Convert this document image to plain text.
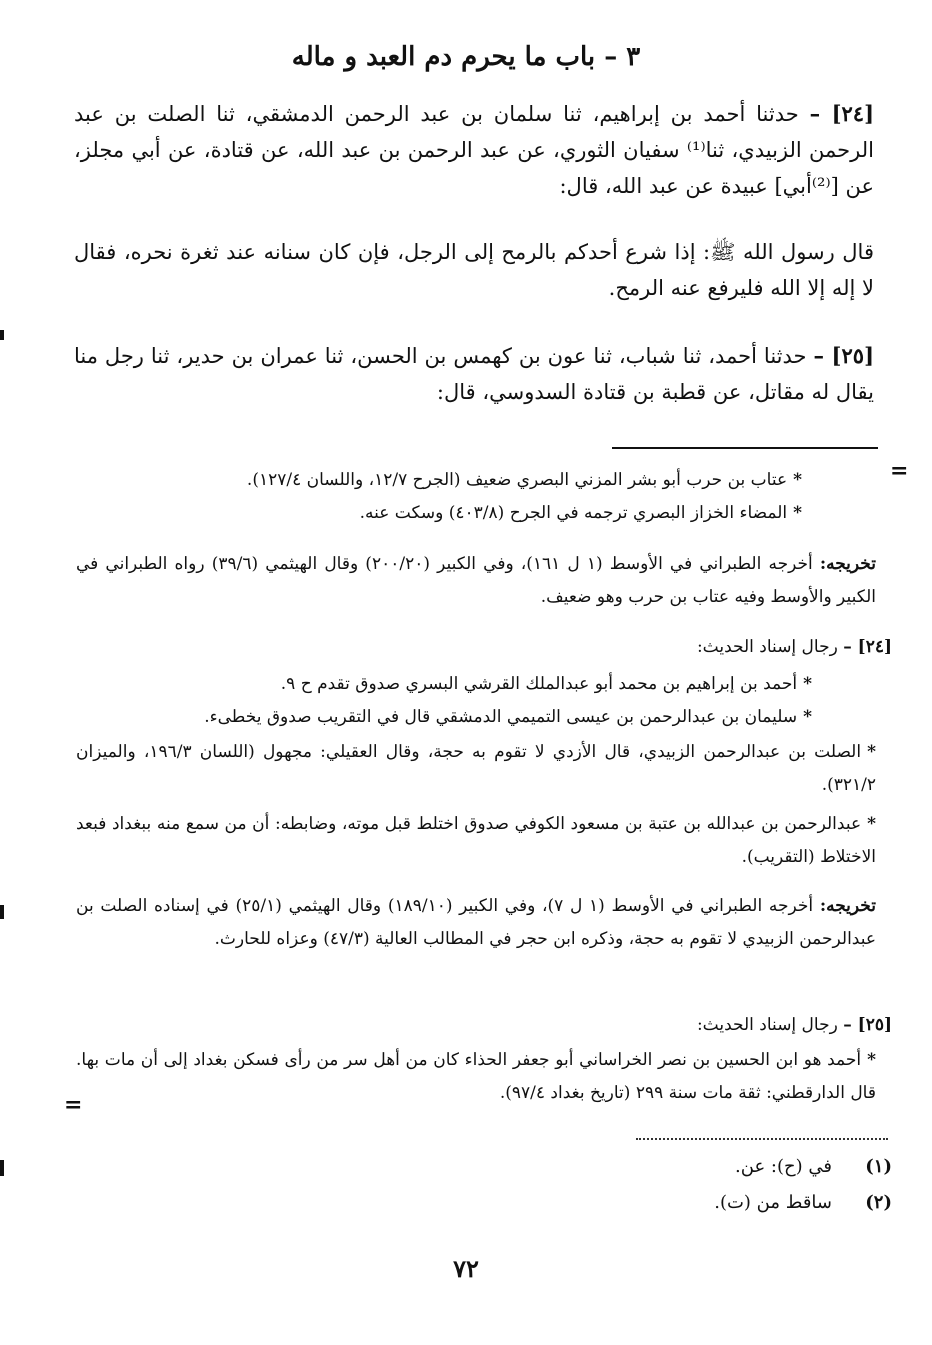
٣ – باب ما يحرم دم العبد و ماله

[٢٤] – حدثنا أحمد بن إبراهيم، ثنا سلمان بن عبد الرحمن الدمشقي، ثنا الصلت بن عبد الرحمن الزبيدي، ثنا⁽¹⁾ سفيان الثوري، عن عبد الرحمن بن عبد الله، عن قتادة، عن أبي مجلز، عن [⁽²⁾أبي] عبيدة عن عبد الله، قال:

قال رسول الله ﷺ: إذا شرع أحدكم بالرمح إلى الرجل، فإن كان سنانه عند ثغرة نحره، فقال لا إله إلا الله فليرفع عنه الرمح.

[٢٥] – حدثنا أحمد، ثنا شباب، ثنا عون بن كهمس بن الحسن، ثنا عمران بن حدير، ثنا رجل منا يقال له مقاتل، عن قطبة بن قتادة السدوسي، قال:

=

*عتاب بن حرب أبو بشر المزني البصري ضعيف (الجرح ١٢/٧، واللسان ١٢٧/٤).

*المضاء الخزاز البصري ترجمه في الجرح (٤٠٣/٨) وسكت عنه.

تخريجه: أخرجه الطبراني في الأوسط (١ ل ١٦١)، وفي الكبير (٢٠٠/٢٠) وقال الهيثمي (٣٩/٦) رواه الطبراني في الكبير والأوسط وفيه عتاب بن حرب وهو ضعيف.

[٢٤] – رجال إسناد الحديث:

*أحمد بن إبراهيم بن محمد أبو عبدالملك القرشي البسري صدوق تقدم ح ٩.

*سليمان بن عبدالرحمن بن عيسى التميمي الدمشقي قال في التقريب صدوق يخطىء.

*الصلت بن عبدالرحمن الزبيدي، قال الأزدي لا تقوم به حجة، وقال العقيلي: مجهول (اللسان ١٩٦/٣، والميزان ٣٢١/٢).

*عبدالرحمن بن عبدالله بن عتبة بن مسعود الكوفي صدوق اختلط قبل موته، وضابطه: أن من سمع منه ببغداد فبعد الاختلاط (التقريب).

تخريجه: أخرجه الطبراني في الأوسط (١ ل ٧)، وفي الكبير (١٨٩/١٠) وقال الهيثمي (٢٥/١) في إسناده الصلت بن عبدالرحمن الزبيدي لا تقوم به حجة، وذكره ابن حجر في المطالب العالية (٤٧/٣) وعزاه للحارث.

[٢٥] – رجال إسناد الحديث:

*أحمد هو ابن الحسين بن نصر الخراساني أبو جعفر الحذاء كان من أهل سر من رأى فسكن بغداد إلى أن مات بها. قال الدارقطني: ثقة مات سنة ٢٩٩ (تاريخ بغداد ٩٧/٤).

=
(١)في (ح): عن.
(٢)ساقط من (ت).
٧٢
